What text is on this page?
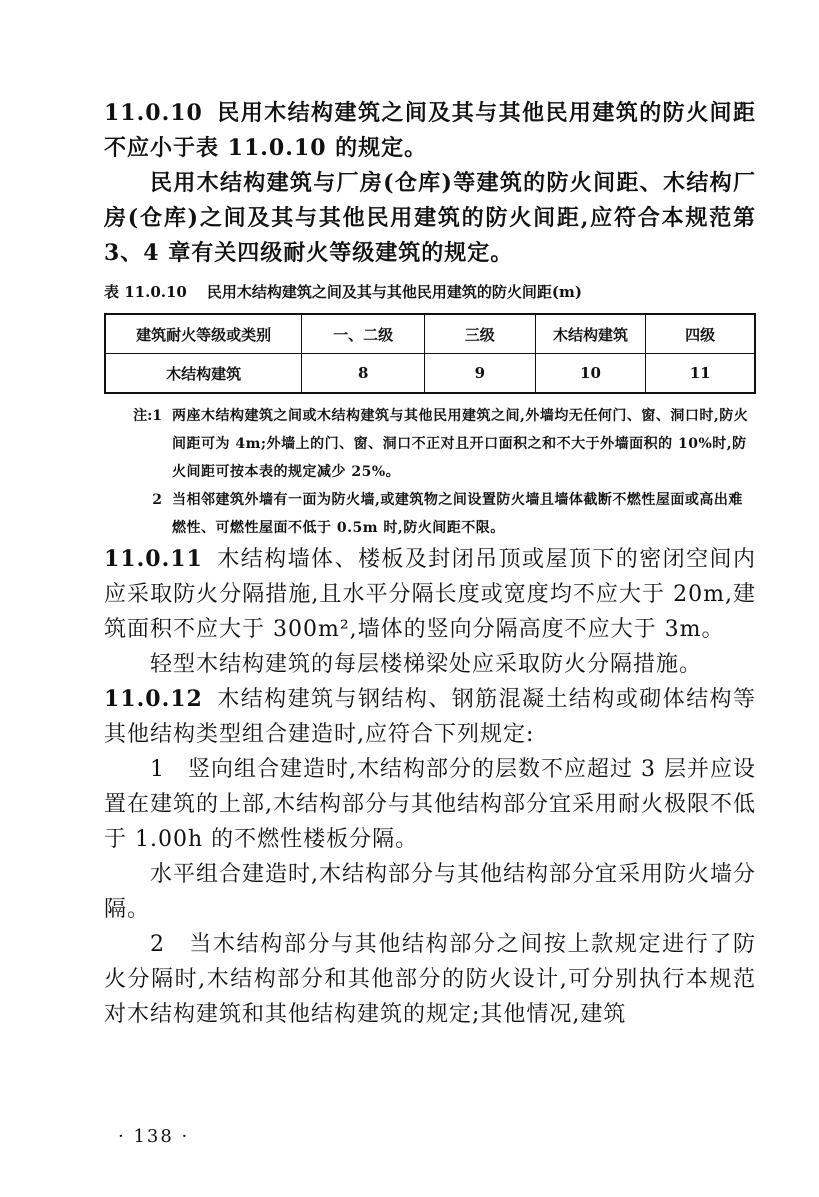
11.0.10 民用木结构建筑之间及其与其他民用建筑的防火间距不应小于表 11.0.10 的规定。

民用木结构建筑与厂房(仓库)等建筑的防火间距、木结构厂房(仓库)之间及其与其他民用建筑的防火间距,应符合本规范第 3、4 章有关四级耐火等级建筑的规定。

表 11.0.10 民用木结构建筑之间及其与其他民用建筑的防火间距(m)
建筑耐火等级或类别	一、二级	三级	木结构建筑	四级
木结构建筑	8	9	10	11
注:1 两座木结构建筑之间或木结构建筑与其他民用建筑之间,外墙均无任何门、窗、洞口时,防火间距可为 4m;外墙上的门、窗、洞口不正对且开口面积之和不大于外墙面积的 10%时,防火间距可按本表的规定减少 25%。
2 当相邻建筑外墙有一面为防火墙,或建筑物之间设置防火墙且墙体截断不燃性屋面或高出难燃性、可燃性屋面不低于 0.5m 时,防火间距不限。

11.0.11 木结构墙体、楼板及封闭吊顶或屋顶下的密闭空间内应采取防火分隔措施,且水平分隔长度或宽度均不应大于 20m,建筑面积不应大于 300m²,墙体的竖向分隔高度不应大于 3m。

轻型木结构建筑的每层楼梯梁处应采取防火分隔措施。

11.0.12 木结构建筑与钢结构、钢筋混凝土结构或砌体结构等其他结构类型组合建造时,应符合下列规定:

1　竖向组合建造时,木结构部分的层数不应超过 3 层并应设置在建筑的上部,木结构部分与其他结构部分宜采用耐火极限不低于 1.00h 的不燃性楼板分隔。

水平组合建造时,木结构部分与其他结构部分宜采用防火墙分隔。

2　当木结构部分与其他结构部分之间按上款规定进行了防火分隔时,木结构部分和其他部分的防火设计,可分别执行本规范对木结构建筑和其他结构建筑的规定;其他情况,建筑

· 138 ·
